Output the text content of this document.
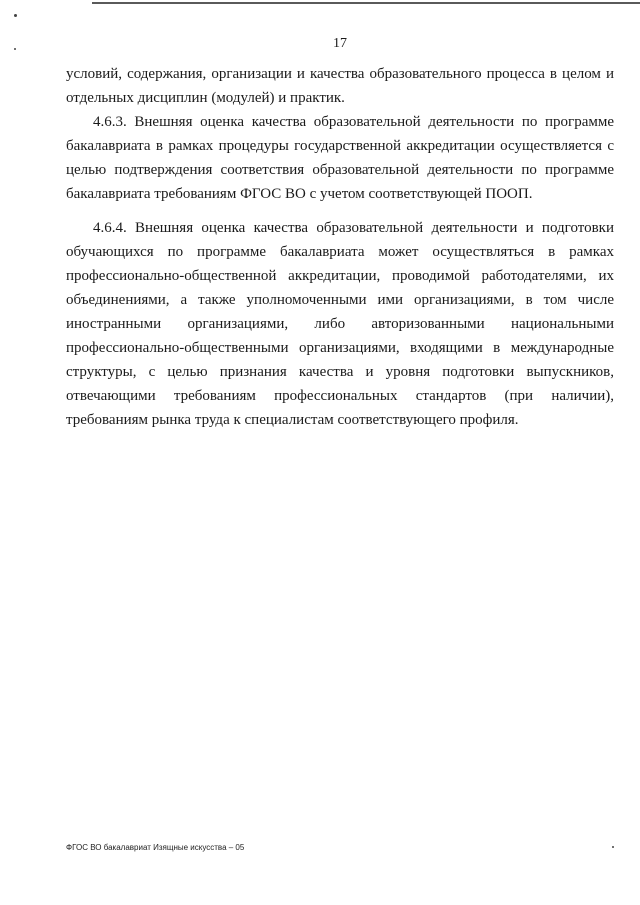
17

условий, содержания, организации и качества образовательного процесса в целом и отдельных дисциплин (модулей) и практик.

4.6.3. Внешняя оценка качества образовательной деятельности по программе бакалавриата в рамках процедуры государственной аккредитации осуществляется с целью подтверждения соответствия образовательной деятельности по программе бакалавриата требованиям ФГОС ВО с учетом соответствующей ПООП.

4.6.4. Внешняя оценка качества образовательной деятельности и подготовки обучающихся по программе бакалавриата может осуществляться в рамках профессионально-общественной аккредитации, проводимой работодателями, их объединениями, а также уполномоченными ими организациями, в том числе иностранными организациями, либо авторизованными национальными профессионально-общественными организациями, входящими в международные структуры, с целью признания качества и уровня подготовки выпускников, отвечающими требованиям профессиональных стандартов (при наличии), требованиям рынка труда к специалистам соответствующего профиля.

ФГОС ВО бакалавриат Изящные искусства – 05
